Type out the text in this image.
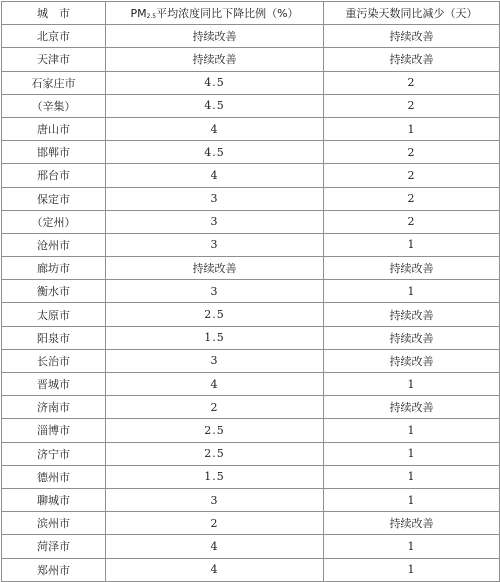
城　市	$PM_{2.5}$平均浓度同比下降比例（%）	重污染天数同比减少（天）
北京市	持续改善	持续改善
天津市	持续改善	持续改善
石家庄市	4.5	2
（辛集）	4.5	2
唐山市	4	1
邯郸市	4.5	2
邢台市	4	2
保定市	3	2
（定州）	3	2
沧州市	3	1
廊坊市	持续改善	持续改善
衡水市	3	1
太原市	2.5	持续改善
阳泉市	1.5	持续改善
长治市	3	持续改善
晋城市	4	1
济南市	2	持续改善
淄博市	2.5	1
济宁市	2.5	1
德州市	1.5	1
聊城市	3	1
滨州市	2	持续改善
菏泽市	4	1
郑州市	4	1
